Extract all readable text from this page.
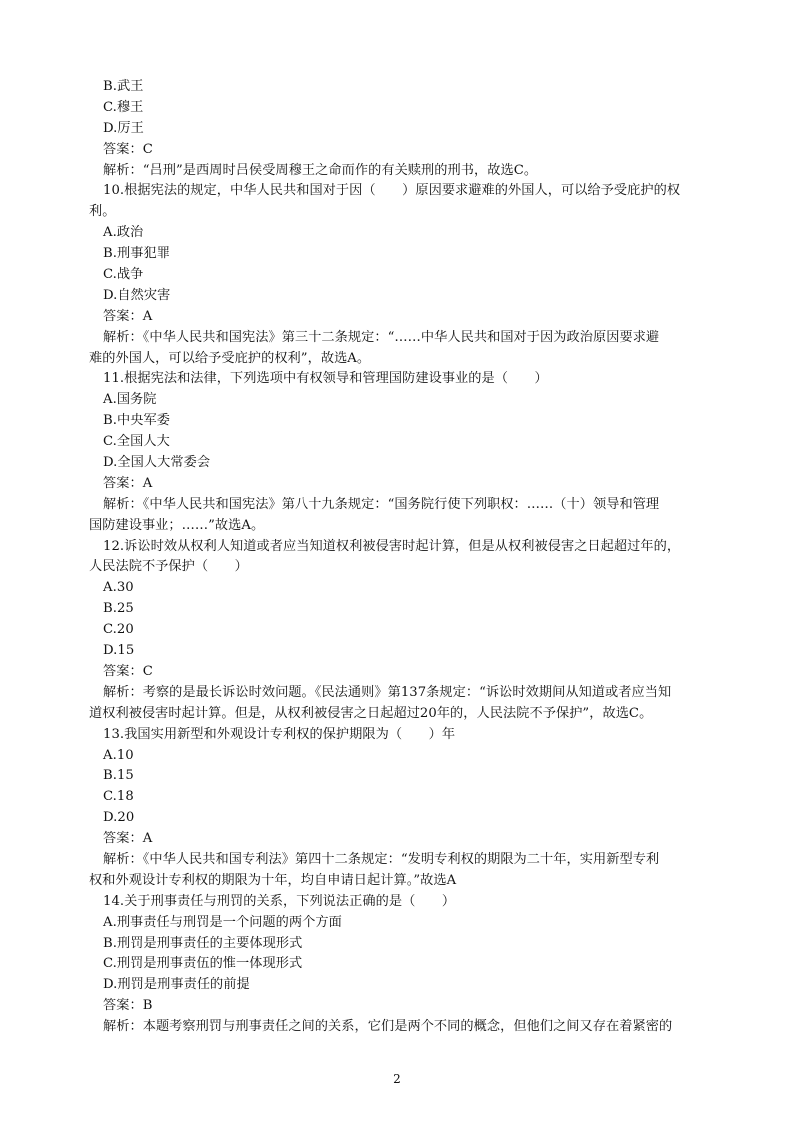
B.武王
C.穆王
D.厉王
答案：C
解析：“吕刑”是西周时吕侯受周穆王之命而作的有关赎刑的刑书，故选C。
10.根据宪法的规定，中华人民共和国对于因（　　）原因要求避难的外国人，可以给予受庇护的权
利。
A.政治
B.刑事犯罪
C.战争
D.自然灾害
答案：A
解析：《中华人民共和国宪法》第三十二条规定：“……中华人民共和国对于因为政治原因要求避
难的外国人，可以给予受庇护的权利”，故选A。
11.根据宪法和法律，下列选项中有权领导和管理国防建设事业的是（　　）
A.国务院
B.中央军委
C.全国人大
D.全国人大常委会
答案：A
解析：《中华人民共和国宪法》第八十九条规定：“国务院行使下列职权：……（十）领导和管理
国防建设事业；……”故选A。
12.诉讼时效从权利人知道或者应当知道权利被侵害时起计算，但是从权利被侵害之日起超过年的，
人民法院不予保护（　　）
A.30
B.25
C.20
D.15
答案：C
解析：考察的是最长诉讼时效问题。《民法通则》第137条规定：“诉讼时效期间从知道或者应当知
道权利被侵害时起计算。但是，从权利被侵害之日起超过20年的，人民法院不予保护”，故选C。
13.我国实用新型和外观设计专利权的保护期限为（　　）年
A.10
B.15
C.18
D.20
答案：A
解析：《中华人民共和国专利法》第四十二条规定：“发明专利权的期限为二十年，实用新型专利
权和外观设计专利权的期限为十年，均自申请日起计算。”故选A
14.关于刑事责任与刑罚的关系，下列说法正确的是（　　）
A.刑事责任与刑罚是一个问题的两个方面
B.刑罚是刑事责任的主要体现形式
C.刑罚是刑事责伍的惟一体现形式
D.刑罚是刑事责任的前提
答案：B
解析：本题考察刑罚与刑事责任之间的关系，它们是两个不同的概念，但他们之间又存在着紧密的
2
